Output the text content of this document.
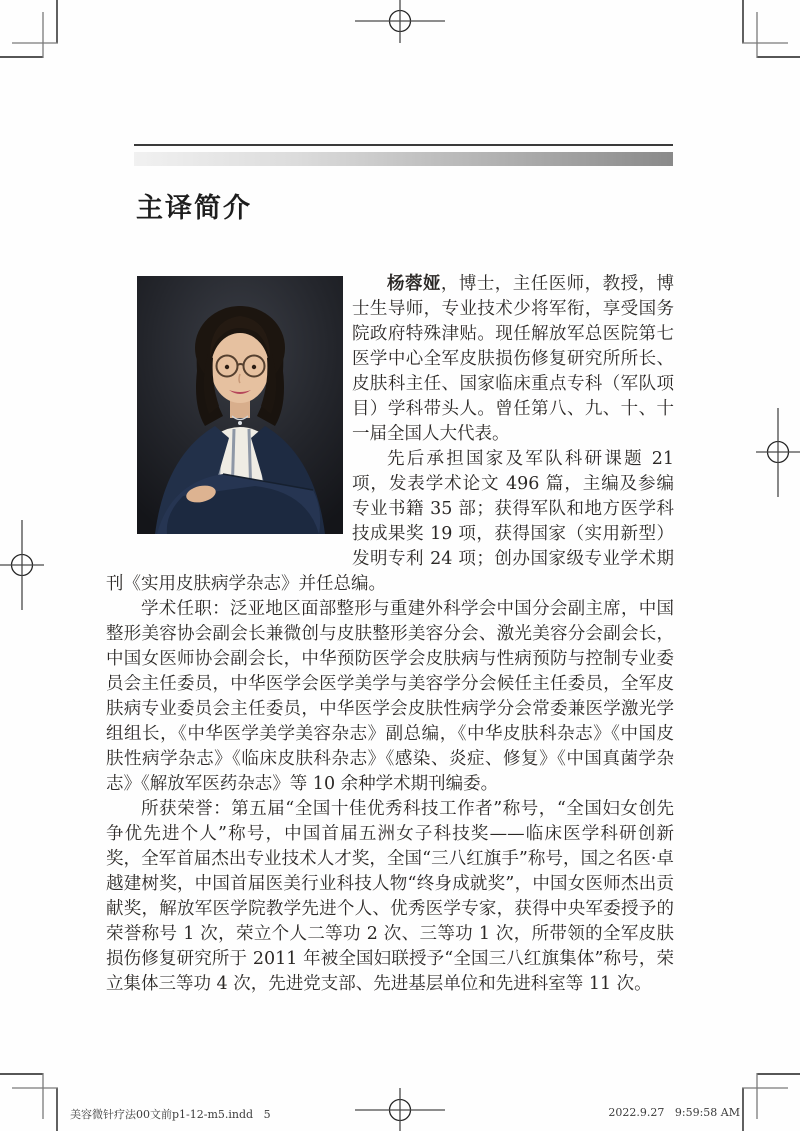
主译简介

杨蓉娅，博士，主任医师，教授，博士生导师，专业技术少将军衔，享受国务院政府特殊津贴。现任解放军总医院第七医学中心全军皮肤损伤修复研究所所长、皮肤科主任、国家临床重点专科（军队项目）学科带头人。曾任第八、九、十、十一届全国人大代表。

先后承担国家及军队科研课题 21 项，发表学术论文 496 篇，主编及参编专业书籍 35 部；获得军队和地方医学科技成果奖 19 项，获得国家（实用新型）发明专利 24 项；创办国家级专业学术期刊《实用皮肤病学杂志》并任总编。

学术任职：泛亚地区面部整形与重建外科学会中国分会副主席，中国整形美容协会副会长兼微创与皮肤整形美容分会、激光美容分会副会长，中国女医师协会副会长，中华预防医学会皮肤病与性病预防与控制专业委员会主任委员，中华医学会医学美学与美容学分会候任主任委员，全军皮肤病专业委员会主任委员，中华医学会皮肤性病学分会常委兼医学激光学组组长，《中华医学美学美容杂志》副总编，《中华皮肤科杂志》《中国皮肤性病学杂志》《临床皮肤科杂志》《感染、炎症、修复》《中国真菌学杂志》《解放军医药杂志》等 10 余种学术期刊编委。

所获荣誉：第五届“全国十佳优秀科技工作者”称号，“全国妇女创先争优先进个人”称号，中国首届五洲女子科技奖——临床医学科研创新奖，全军首届杰出专业技术人才奖，全国“三八红旗手”称号，国之名医·卓越建树奖，中国首届医美行业科技人物“终身成就奖”，中国女医师杰出贡献奖，解放军医学院教学先进个人、优秀医学专家，获得中央军委授予的荣誉称号 1 次，荣立个人二等功 2 次、三等功 1 次，所带领的全军皮肤损伤修复研究所于 2011 年被全国妇联授予“全国三八红旗集体”称号，荣立集体三等功 4 次，先进党支部、先进基层单位和先进科室等 11 次。

美容微针疗法00文前p1-12-m5.indd   5	2022.9.27   9:59:58 AM
